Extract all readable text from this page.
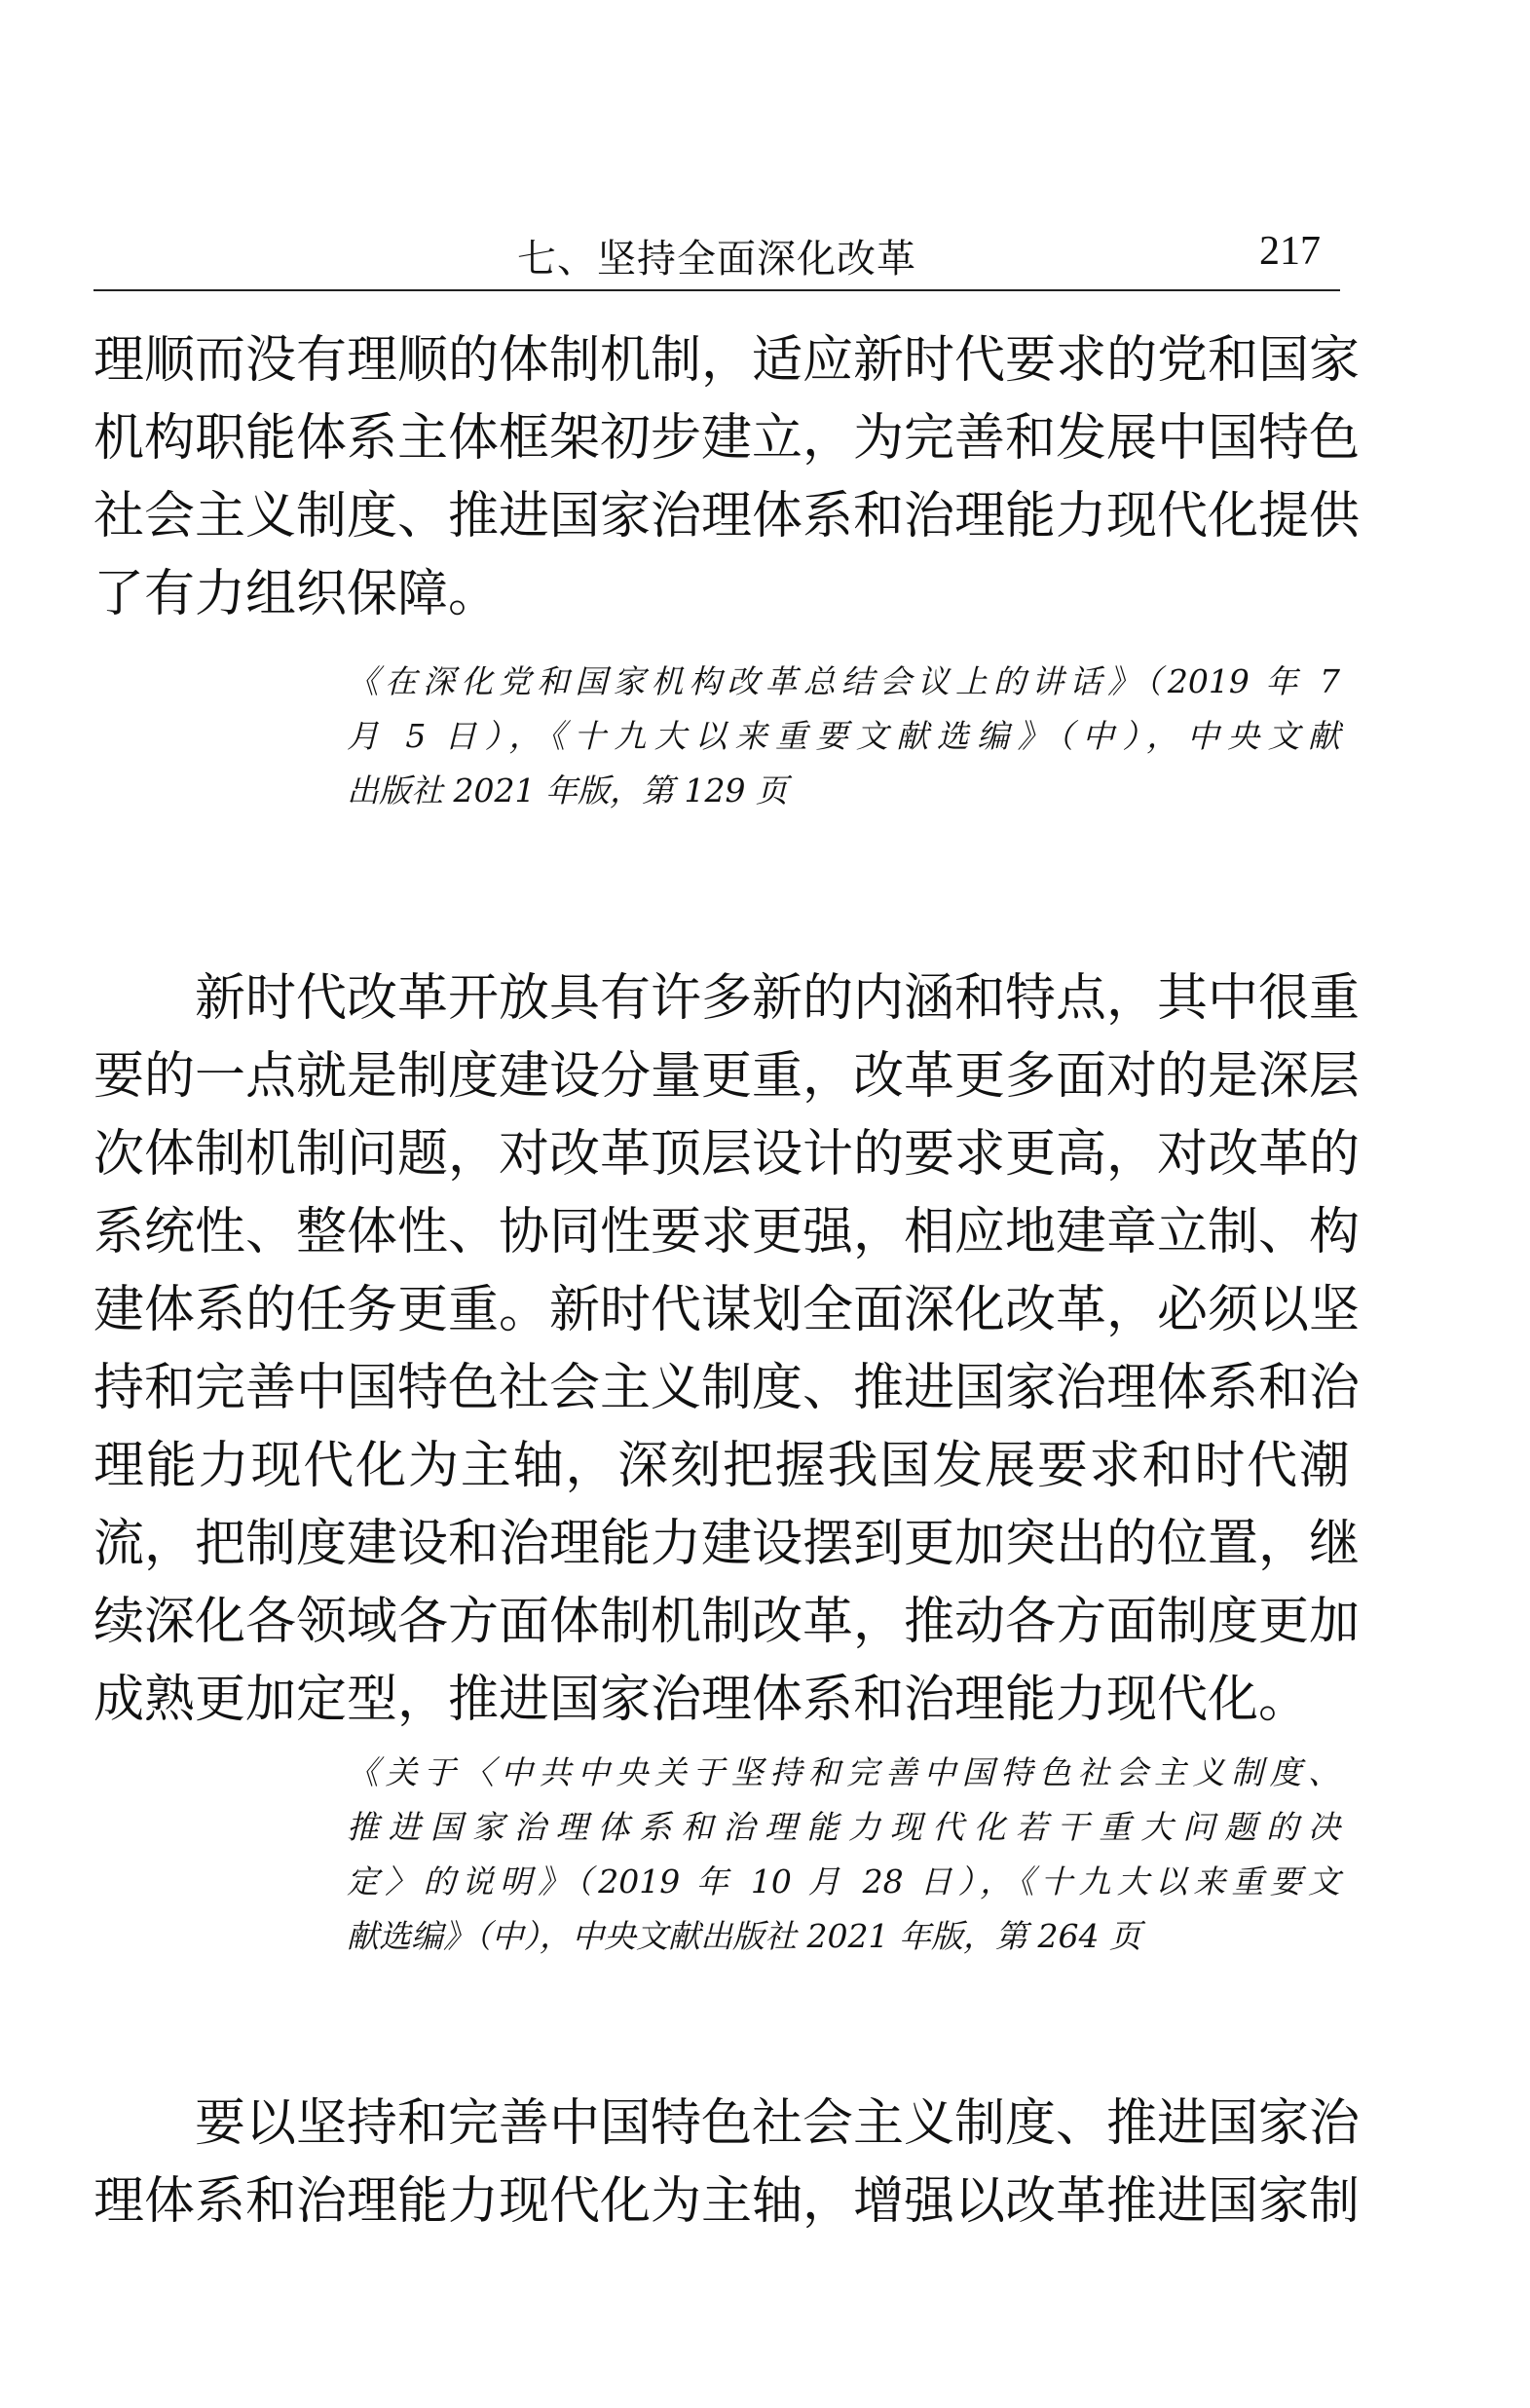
七、坚持全面深化改革	217

理顺而没有理顺的体制机制，适应新时代要求的党和国家
机构职能体系主体框架初步建立，为完善和发展中国特色
社会主义制度、推进国家治理体系和治理能力现代化提供
了有力组织保障。

《在深化党和国家机构改革总结会议上的讲话》（2019 年 7
月 5 日），《十九大以来重要文献选编》（中），中央文献
出版社 2021 年版，第 129 页

新时代改革开放具有许多新的内涵和特点，其中很重
要的一点就是制度建设分量更重，改革更多面对的是深层
次体制机制问题，对改革顶层设计的要求更高，对改革的
系统性、整体性、协同性要求更强，相应地建章立制、构
建体系的任务更重。新时代谋划全面深化改革，必须以坚
持和完善中国特色社会主义制度、推进国家治理体系和治
理能力现代化为主轴，深刻把握我国发展要求和时代潮
流，把制度建设和治理能力建设摆到更加突出的位置，继
续深化各领域各方面体制机制改革，推动各方面制度更加
成熟更加定型，推进国家治理体系和治理能力现代化。

《关于〈中共中央关于坚持和完善中国特色社会主义制度、
推进国家治理体系和治理能力现代化若干重大问题的决
定〉的说明》（2019 年 10 月 28 日），《十九大以来重要文
献选编》（中），中央文献出版社 2021 年版，第 264 页

要以坚持和完善中国特色社会主义制度、推进国家治
理体系和治理能力现代化为主轴，增强以改革推进国家制
